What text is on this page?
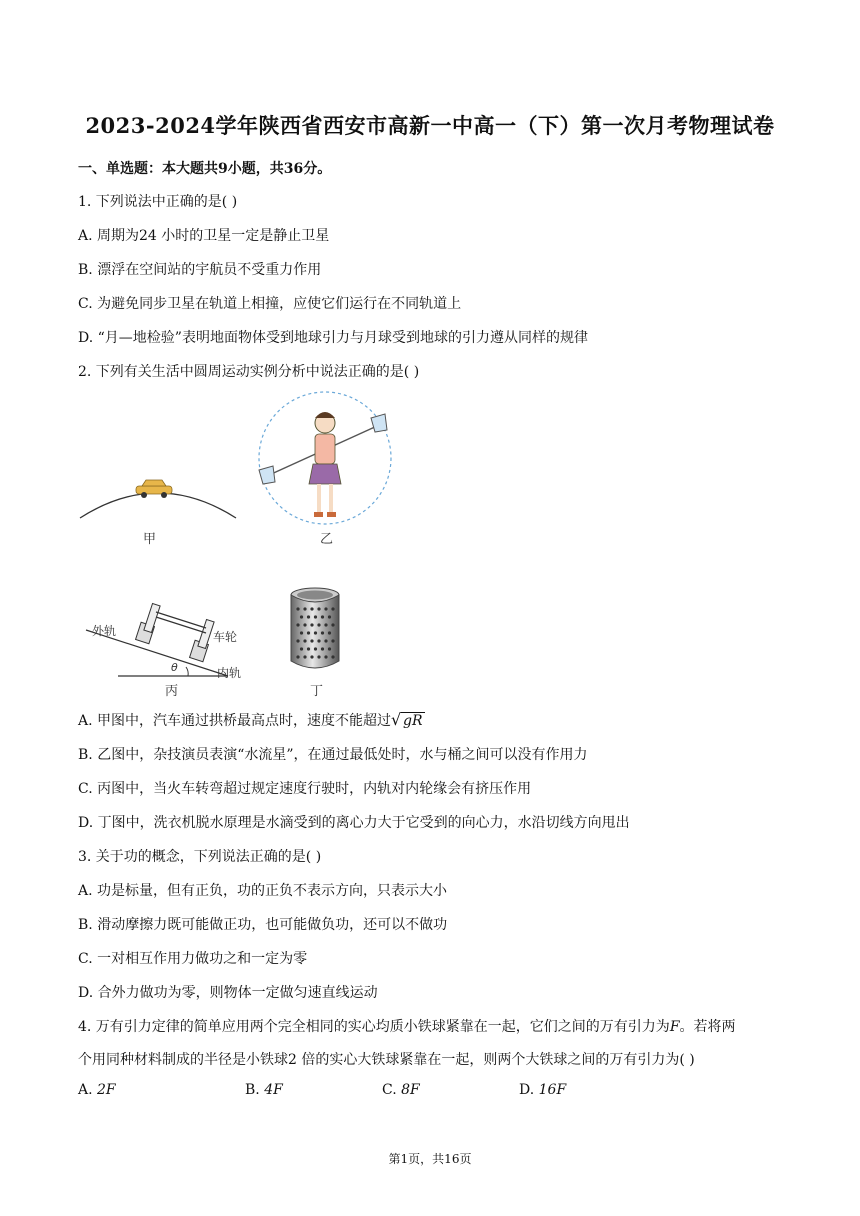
2023-2024学年陕西省西安市高新一中高一（下）第一次月考物理试卷
一、单选题：本大题共9小题，共36分。
1. 下列说法中正确的是( )
A. 周期为24 小时的卫星一定是静止卫星
B. 漂浮在空间站的宇航员不受重力作用
C. 为避免同步卫星在轨道上相撞，应使它们运行在不同轨道上
D. “月—地检验”表明地面物体受到地球引力与月球受到地球的引力遵从同样的规律
2. 下列有关生活中圆周运动实例分析中说法正确的是( )
甲	乙
外轨	车轮
内轨
θ
丙	丁
A. 甲图中，汽车通过拱桥最高点时，速度不能超过 √ gR
B. 乙图中，杂技演员表演“水流星”，在通过最低处时，水与桶之间可以没有作用力
C. 丙图中，当火车转弯超过规定速度行驶时，内轨对内轮缘会有挤压作用
D. 丁图中，洗衣机脱水原理是水滴受到的离心力大于它受到的向心力，水沿切线方向甩出
3. 关于功的概念，下列说法正确的是( )
A. 功是标量，但有正负，功的正负不表示方向，只表示大小
B. 滑动摩擦力既可能做正功，也可能做负功，还可以不做功
C. 一对相互作用力做功之和一定为零
D. 合外力做功为零，则物体一定做匀速直线运动
4. 万有引力定律的简单应用两个完全相同的实心均质小铁球紧靠在一起，它们之间的万有引力为F。若将两
个用同种材料制成的半径是小铁球2 倍的实心大铁球紧靠在一起，则两个大铁球之间的万有引力为( )
A. 2F	B. 4F	C. 8F	D. 16F
第1页，共16页
